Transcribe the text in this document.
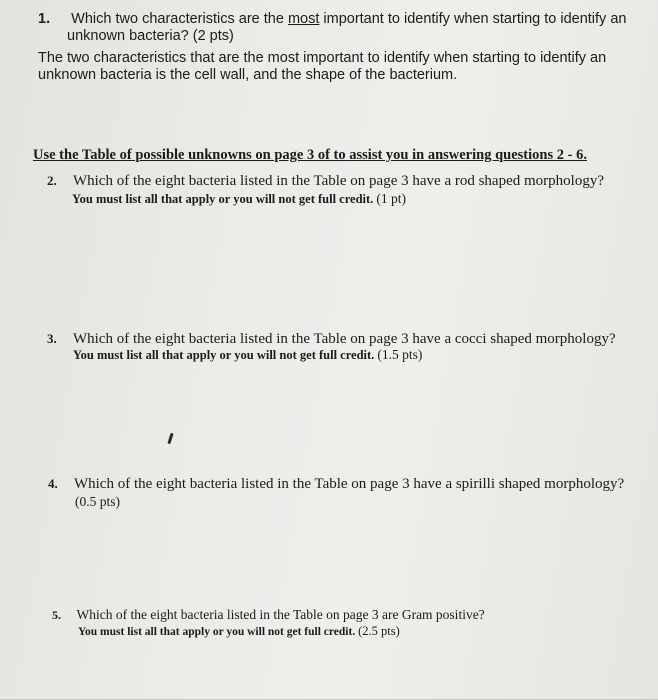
1. Which two characteristics are the most important to identify when starting to identify an
unknown bacteria? (2 pts)
The two characteristics that are the most important to identify when starting to identify an
unknown bacteria is the cell wall, and the shape of the bacterium.
Use the Table of possible unknowns on page 3 of to assist you in answering questions 2 - 6.
2. Which of the eight bacteria listed in the Table on page 3 have a rod shaped morphology?
You must list all that apply or you will not get full credit. (1 pt)
3. Which of the eight bacteria listed in the Table on page 3 have a cocci shaped morphology?
You must list all that apply or you will not get full credit. (1.5 pts)
4. Which of the eight bacteria listed in the Table on page 3 have a spirilli shaped morphology?
(0.5 pts)
5. Which of the eight bacteria listed in the Table on page 3 are Gram positive?
You must list all that apply or you will not get full credit. (2.5 pts)
